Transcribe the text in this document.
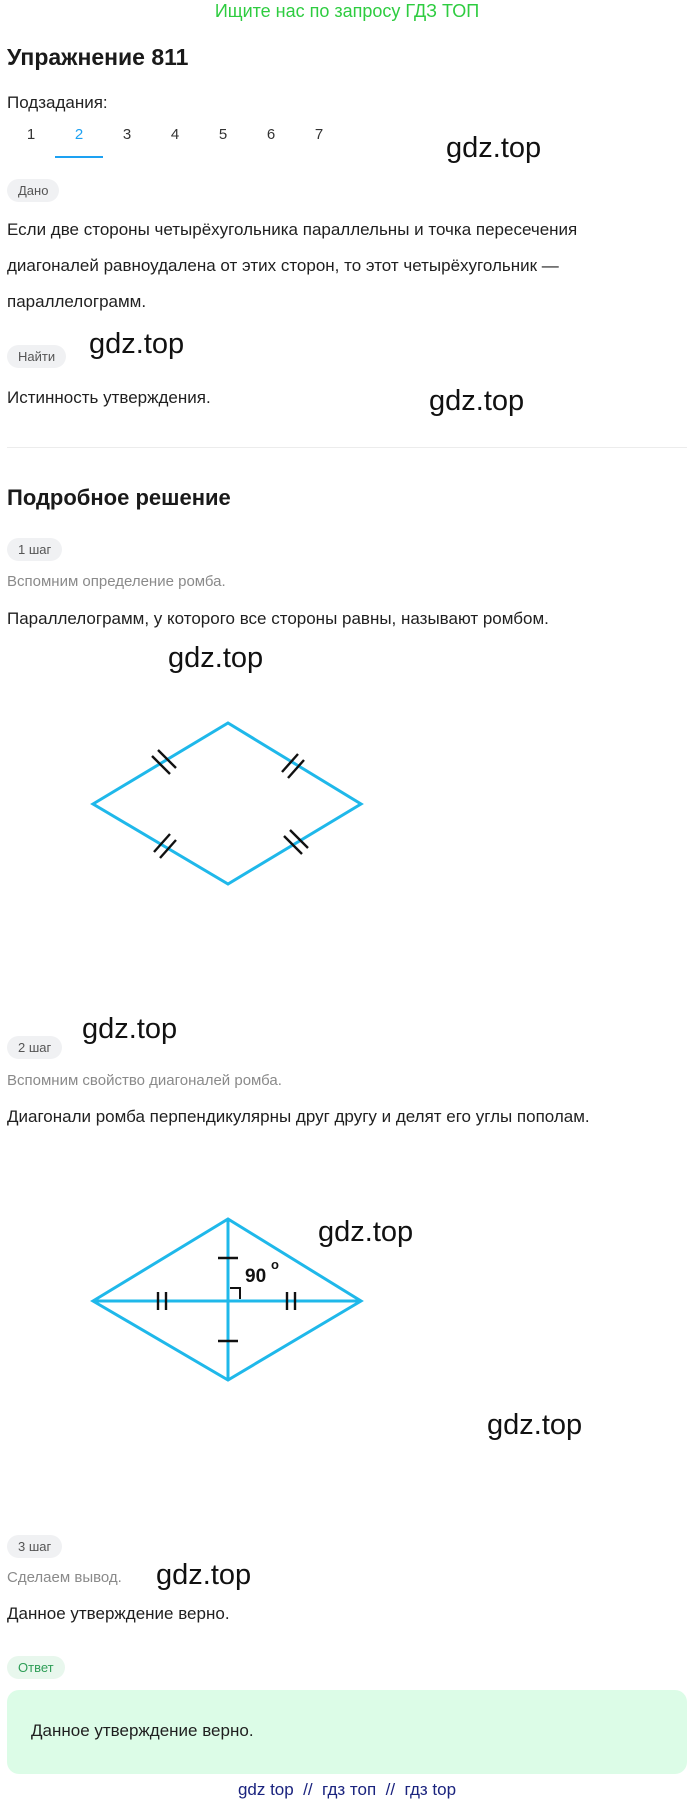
Ищите нас по запросу ГДЗ ТОП
Упражнение 811
Подзадания:
1	2	3	4	5	6	7	gdz.top
Дано
Если две стороны четырёхугольника параллельны и точка пересечения
диагоналей равноудалена от этих сторон, то этот четырёхугольник —
параллелограмм.
Найти	gdz.top
Истинность утверждения.	gdz.top
Подробное решение
1 шаг
Вспомним определение ромба.
Параллелограмм, у которого все стороны равны, называют ромбом.
gdz.top
2 шаг
gdz.top
Вспомним свойство диагоналей ромба.
Диагонали ромба перпендикулярны друг другу и делят его углы пополам.
90
o
gdz.top
gdz.top
3 шаг
Сделаем вывод. gdz.top
Данное утверждение верно.
Ответ
Данное утверждение верно.
gdz top  //  гдз топ  //  гдз top
